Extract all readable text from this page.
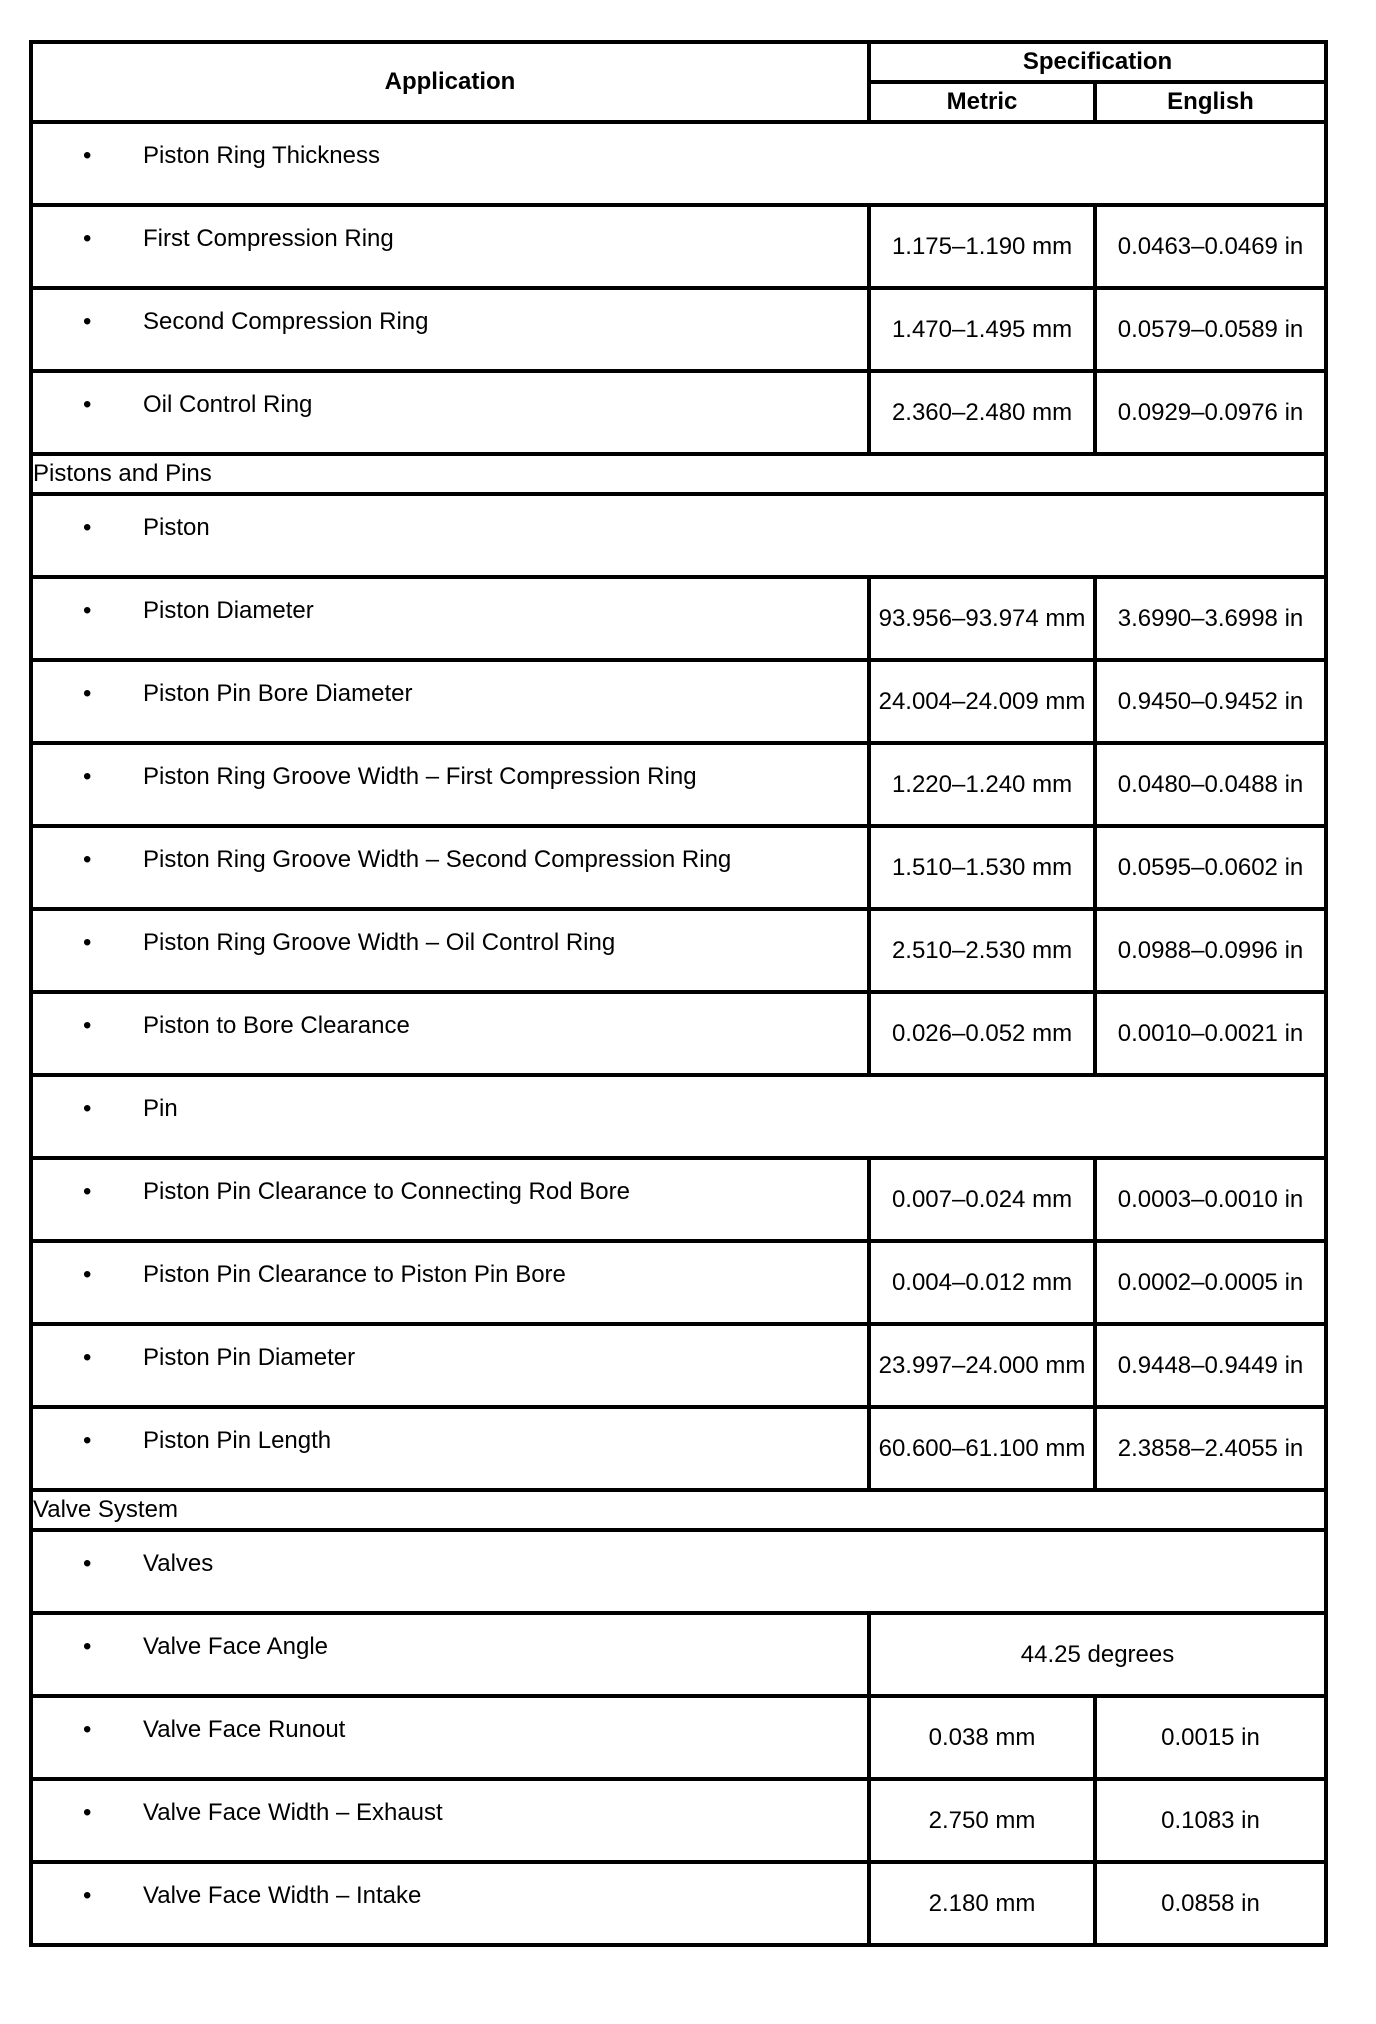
Application	Specification	
	Metric	English

• Piston Ring Thickness		

• First Compression Ring	1.175–1.190 mm	0.0463–0.0469 in

• Second Compression Ring	1.470–1.495 mm	0.0579–0.0589 in

• Oil Control Ring	2.360–2.480 mm	0.0929–0.0976 in
Pistons and Pins		

• Piston		

• Piston Diameter	93.956–93.974 mm	3.6990–3.6998 in

• Piston Pin Bore Diameter	24.004–24.009 mm	0.9450–0.9452 in

• Piston Ring Groove Width – First Compression Ring	1.220–1.240 mm	0.0480–0.0488 in

• Piston Ring Groove Width – Second Compression Ring	1.510–1.530 mm	0.0595–0.0602 in

• Piston Ring Groove Width – Oil Control Ring	2.510–2.530 mm	0.0988–0.0996 in

• Piston to Bore Clearance	0.026–0.052 mm	0.0010–0.0021 in

• Pin		

• Piston Pin Clearance to Connecting Rod Bore	0.007–0.024 mm	0.0003–0.0010 in

• Piston Pin Clearance to Piston Pin Bore	0.004–0.012 mm	0.0002–0.0005 in

• Piston Pin Diameter	23.997–24.000 mm	0.9448–0.9449 in

• Piston Pin Length	60.600–61.100 mm	2.3858–2.4055 in
Valve System		

• Valves		

• Valve Face Angle	44.25 degrees	

• Valve Face Runout	0.038 mm	0.0015 in

• Valve Face Width – Exhaust	2.750 mm	0.1083 in

• Valve Face Width – Intake	2.180 mm	0.0858 in
